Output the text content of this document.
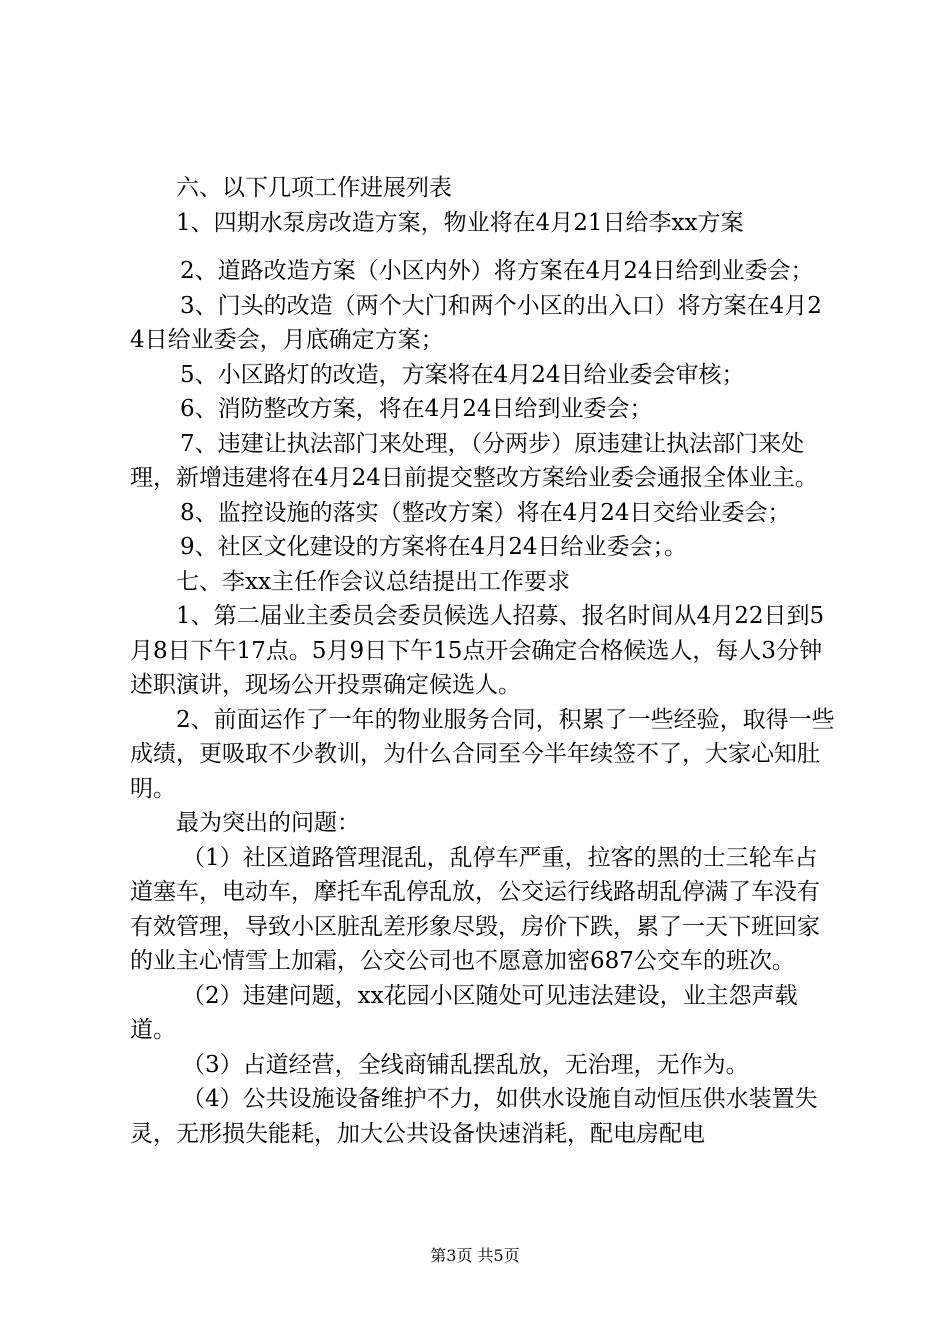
六、以下几项工作进展列表

1、四期水泵房改造方案，物业将在4月21日给李xx方案

2、道路改造方案（小区内外）将方案在4月24日给到业委会；

3、门头的改造（两个大门和两个小区的出入口）将方案在4月24日给业委会，月底确定方案；

5、小区路灯的改造，方案将在4月24日给业委会审核；

6、消防整改方案，将在4月24日给到业委会；

7、违建让执法部门来处理，（分两步）原违建让执法部门来处理，新增违建将在4月24日前提交整改方案给业委会通报全体业主。

8、监控设施的落实（整改方案）将在4月24日交给业委会；

9、社区文化建设的方案将在4月24日给业委会；。

七、李xx主任作会议总结提出工作要求

1、第二届业主委员会委员候选人招募、报名时间从4月22日到5月8日下午17点。5月9日下午15点开会确定合格候选人，每人3分钟述职演讲，现场公开投票确定候选人。

2、前面运作了一年的物业服务合同，积累了一些经验，取得一些成绩，更吸取不少教训，为什么合同至今半年续签不了，大家心知肚明。

最为突出的问题：

（1）社区道路管理混乱，乱停车严重，拉客的黑的士三轮车占道塞车，电动车，摩托车乱停乱放，公交运行线路胡乱停满了车没有有效管理，导致小区脏乱差形象尽毁，房价下跌，累了一天下班回家的业主心情雪上加霜，公交公司也不愿意加密687公交车的班次。

（2）违建问题，xx花园小区随处可见违法建设，业主怨声载道。

（3）占道经营，全线商铺乱摆乱放，无治理，无作为。

（4）公共设施设备维护不力，如供水设施自动恒压供水装置失灵，无形损失能耗，加大公共设备快速消耗，配电房配电

第3页 共5页
